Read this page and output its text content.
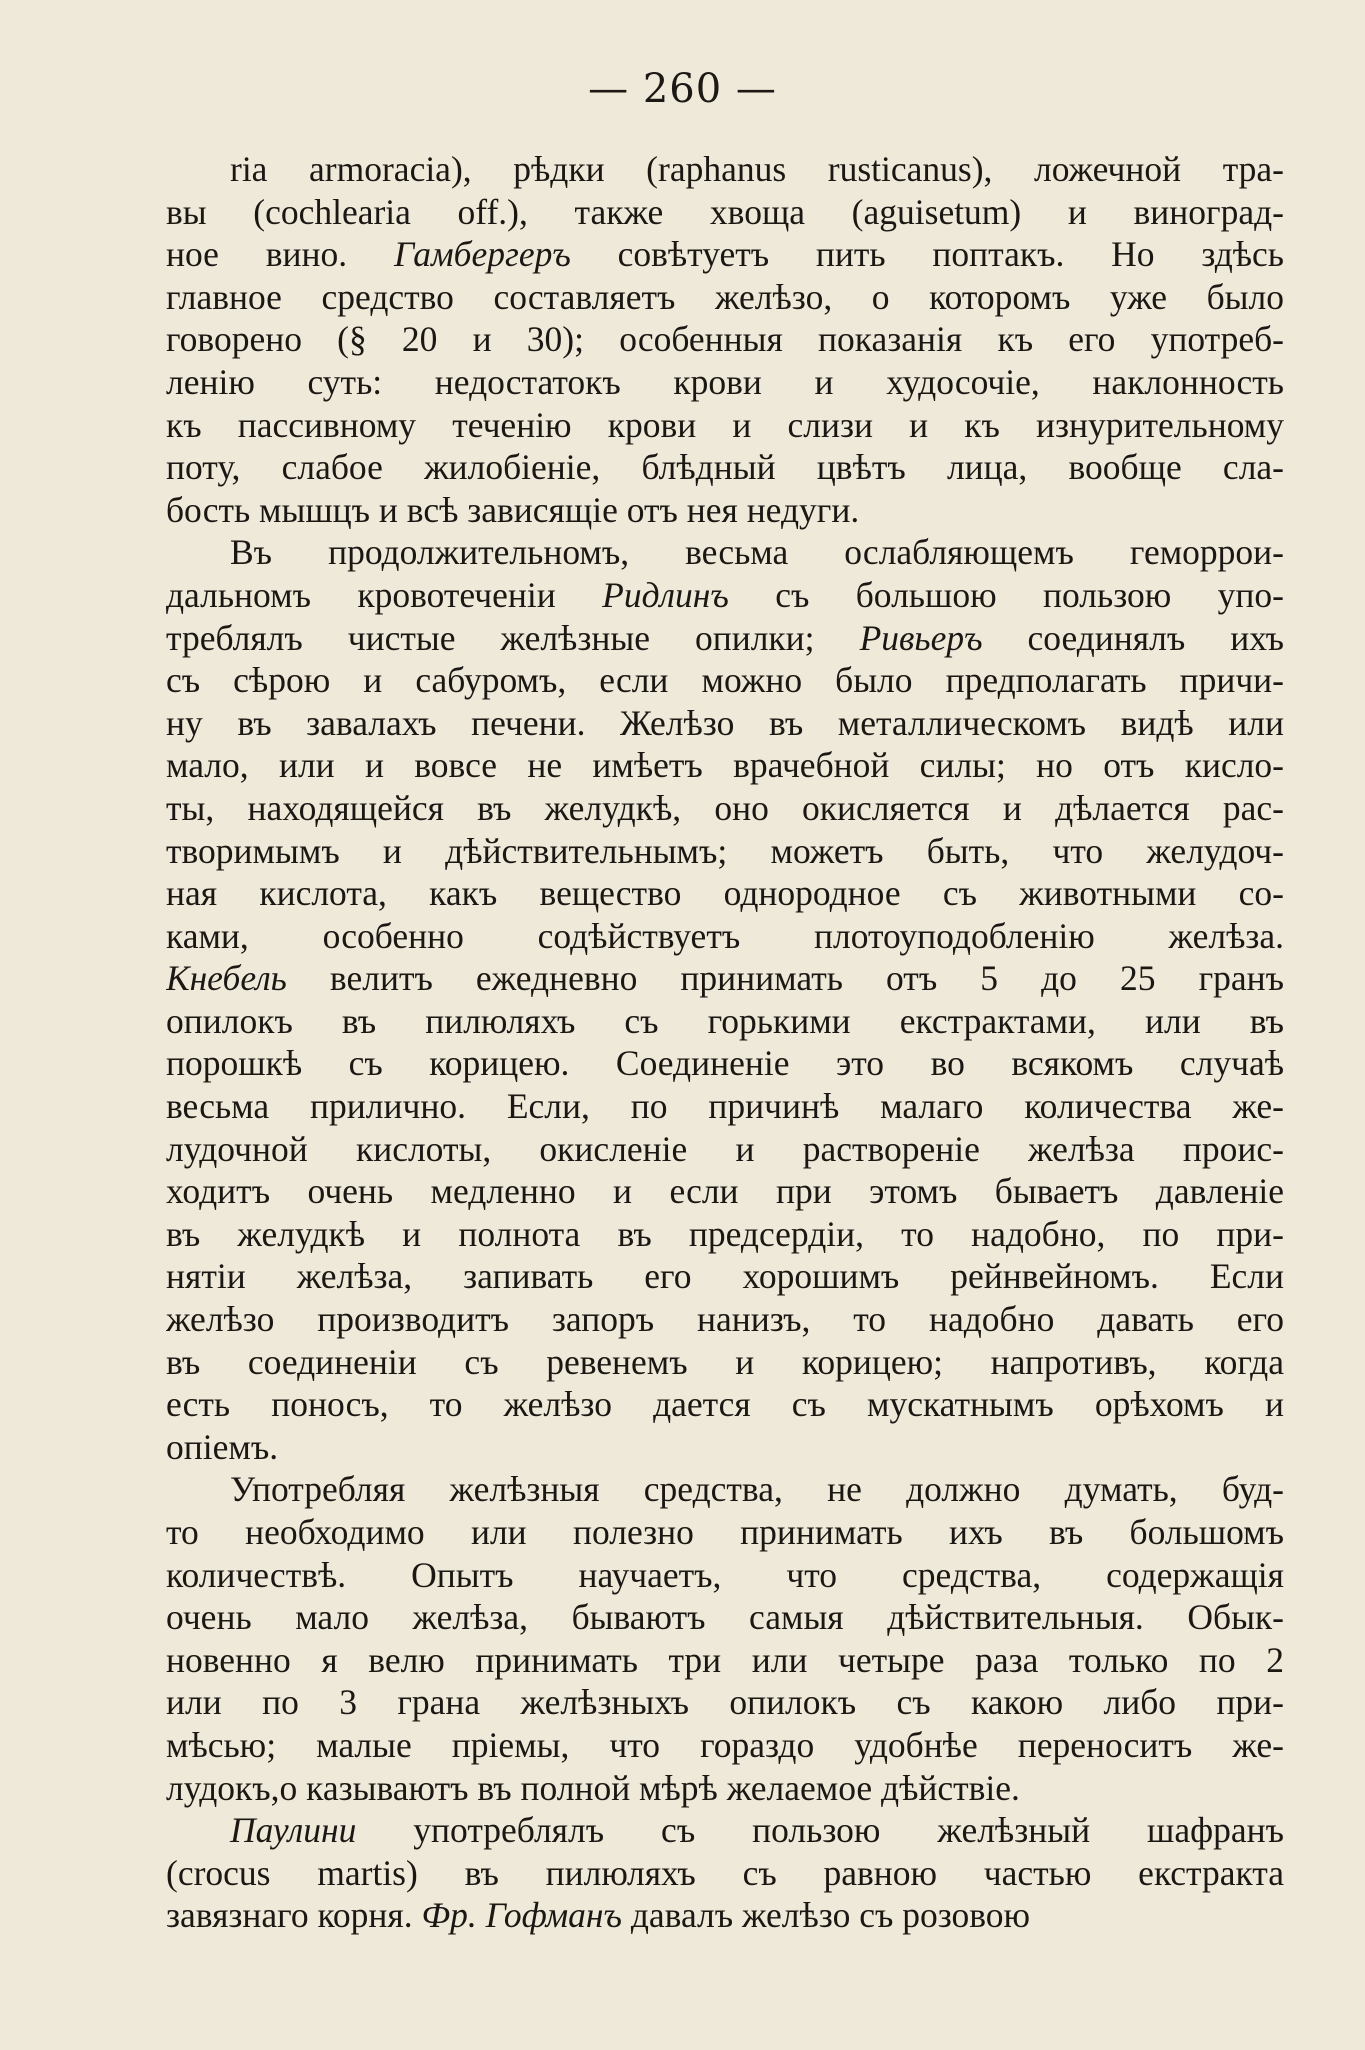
— 260 —
ria armoracia), рѣдки (raphanus rusticanus), ложечной тра-
вы (cochlearia off.), также хвоща (aguisetum) и виноград-
ное вино. Гамбергеръ совѣтуетъ пить поптакъ. Но здѣсь
главное средство составляетъ желѣзо, о которомъ уже было
говорено (§ 20 и 30); особенныя показанія къ его употреб-
ленію суть: недостатокъ крови и худосочіе, наклонность
къ пассивному теченію крови и слизи и къ изнурительному
поту, слабое жилобіеніе, блѣдный цвѣтъ лица, вообще сла-
бость мышцъ и всѣ зависящіе отъ нея недуги.
Въ продолжительномъ, весьма ослабляющемъ геморрои-
дальномъ кровотеченіи Ридлинъ съ большою пользою упо-
треблялъ чистые желѣзные опилки; Ривьеръ соединялъ ихъ
съ сѣрою и сабуромъ, если можно было предполагать причи-
ну въ завалахъ печени. Желѣзо въ металлическомъ видѣ или
мало, или и вовсе не имѣетъ врачебной силы; но отъ кисло-
ты, находящейся въ желудкѣ, оно окисляется и дѣлается рас-
творимымъ и дѣйствительнымъ; можетъ быть, что желудоч-
ная кислота, какъ вещество однородное съ животными со-
ками, особенно содѣйствуетъ плотоуподобленію желѣза.
Кнебель велитъ ежедневно принимать отъ 5 до 25 гранъ
опилокъ въ пилюляхъ съ горькими екстрактами, или въ
порошкѣ съ корицею. Соединеніе это во всякомъ случаѣ
весьма прилично. Если, по причинѣ малаго количества же-
лудочной кислоты, окисленіе и раствореніе желѣза проис-
ходитъ очень медленно и если при этомъ бываетъ давленіе
въ желудкѣ и полнота въ предсердіи, то надобно, по при-
нятіи желѣза, запивать его хорошимъ рейнвейномъ. Если
желѣзо производитъ запоръ нанизъ, то надобно давать его
въ соединеніи съ ревенемъ и корицею; напротивъ, когда
есть поносъ, то желѣзо дается съ мускатнымъ орѣхомъ и
опіемъ.
Употребляя желѣзныя средства, не должно думать, буд-
то необходимо или полезно принимать ихъ въ большомъ
количествѣ. Опытъ научаетъ, что средства, содержащія
очень мало желѣза, бываютъ самыя дѣйствительныя. Обык-
новенно я велю принимать три или четыре раза только по 2
или по 3 грана желѣзныхъ опилокъ съ какою либо при-
мѣсью; малые пріемы, что гораздо удобнѣе переноситъ же-
лудокъ,о казываютъ въ полной мѣрѣ желаемое дѣйствіе.
Паулини употреблялъ съ пользою желѣзный шафранъ
(crocus martis) въ пилюляхъ съ равною частью екстракта
завязнаго корня. Фр. Гофманъ давалъ желѣзо съ розовою
